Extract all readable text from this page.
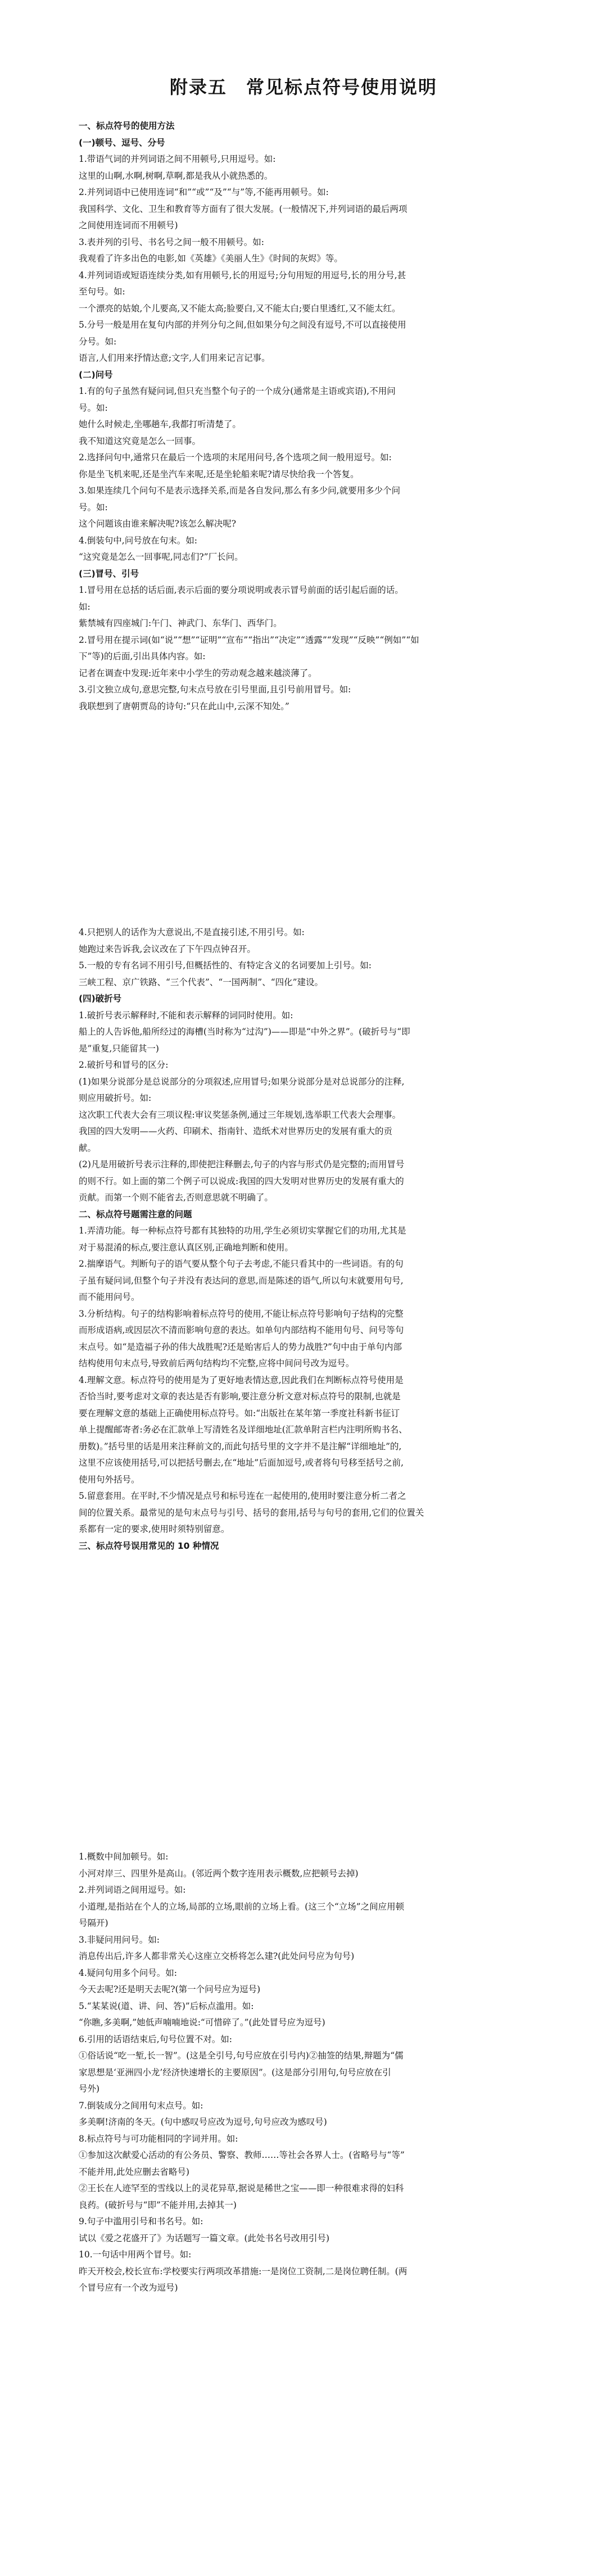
附录五　常见标点符号使用说明

一、标点符号的使用方法

(一)顿号、逗号、分号

1.带语气词的并列词语之间不用顿号,只用逗号。如:

这里的山啊,水啊,树啊,草啊,都是我从小就热悉的。

2.并列词语中已使用连词“和”“或”“及”“与”等,不能再用顿号。如:

我国科学、文化、卫生和教育等方面有了很大发展。(一般情况下,并列词语的最后两项

之间使用连词而不用顿号)

3.表并列的引号、书名号之间一般不用顿号。如:

我观看了许多出色的电影,如《英雄》《美丽人生》《时间的灰烬》等。

4.并列词语或短语连续分类,如有用顿号,长的用逗号;分句用短的用逗号,长的用分号,甚

至句号。如:

一个漂亮的姑娘,个儿要高,又不能太高;脸要白,又不能太白;要白里透红,又不能太红。

5.分号一般是用在复句内部的并列分句之间,但如果分句之间没有逗号,不可以直接使用

分号。如:

语言,人们用来抒情达意;文字,人们用来记言记事。

(二)问号

1.有的句子虽然有疑问词,但只充当整个句子的一个成分(通常是主语或宾语),不用问

号。如:

她什么时候走,坐哪趟车,我都打听清楚了。

我不知道这究竟是怎么一回事。

2.选择问句中,通常只在最后一个选项的末尾用问号,各个选项之间一般用逗号。如:

你是坐飞机来呢,还是坐汽车来呢,还是坐轮船来呢?请尽快给我一个答复。

3.如果连续几个问句不是表示选择关系,而是各自发问,那么有多少问,就要用多少个问

号。如:

这个问题该由谁来解决呢?该怎么解决呢?

4.倒装句中,问号放在句末。如:

“这究竟是怎么一回事呢,同志们?”厂长问。

(三)冒号、引号

1.冒号用在总括的话后面,表示后面的要分项说明或表示冒号前面的话引起后面的话。

如:

紫禁城有四座城门:午门、神武门、东华门、西华门。

2.冒号用在提示词(如“说”“想”“证明”“宣布”“指出”“决定”“透露”“发现”“反映”“例如”“如

下”等)的后面,引出具体内容。如:

记者在调查中发现:近年来中小学生的劳动观念越来越淡薄了。

3.引文独立成句,意思完整,句末点号放在引号里面,且引号前用冒号。如:

我联想到了唐朝贾岛的诗句:“只在此山中,云深不知处。”

4.只把别人的话作为大意说出,不是直接引述,不用引号。如:

她跑过来告诉我,会议改在了下午四点钟召开。

5.一般的专有名词不用引号,但概括性的、有特定含义的名词要加上引号。如:

三峡工程、京广铁路、“三个代表”、“一国两制”、“四化”建设。

(四)破折号

1.破折号表示解释时,不能和表示解释的词同时使用。如:

船上的人告诉他,船所经过的海槽(当时称为“过沟”)——即是“中外之界”。(破折号与“即

是”重复,只能留其一)

2.破折号和冒号的区分:

(1)如果分说部分是总说部分的分项叙述,应用冒号;如果分说部分是对总说部分的注释,

则应用破折号。如:

这次职工代表大会有三项议程:审议奖惩条例,通过三年规划,选举职工代表大会理事。

我国的四大发明——火药、印刷术、指南针、造纸术对世界历史的发展有重大的贡

献。

(2)凡是用破折号表示注释的,即使把注释删去,句子的内容与形式仍是完整的;而用冒号

的则不行。如上面的第二个例子可以说成:我国的四大发明对世界历史的发展有重大的

贡献。而第一个则不能省去,否则意思就不明确了。

二、标点符号题需注意的问题

1.弄清功能。每一种标点符号都有其独特的功用,学生必须切实掌握它们的功用,尤其是

对于易混淆的标点,要注意认真区别,正确地判断和使用。

2.揣摩语气。判断句子的语气要从整个句子去考虑,不能只看其中的一些词语。有的句

子虽有疑问词,但整个句子并没有表达问的意思,而是陈述的语气,所以句末就要用句号,

而不能用问号。

3.分析结构。句子的结构影响着标点符号的使用,不能让标点符号影响句子结构的完整

而形成语病,或因层次不清而影响句意的表达。如单句内部结构不能用句号、问号等句

末点号。如“是造福子孙的伟大战胜呢?还是贻害后人的势力战胜?”句中由于单句内部

结构使用句末点号,导致前后两句结构均不完整,应将中间问号改为逗号。

4.理解文意。标点符号的使用是为了更好地表情达意,因此我们在判断标点符号使用是

否恰当时,要考虑对文章的表达是否有影响,要注意分析文意对标点符号的限制,也就是

要在理解文意的基础上正确使用标点符号。如:“出版社在某年第一季度社科新书征订

单上提醒邮寄者:务必在汇款单上写清姓名及详细地址(汇款单附言栏内注明所购书名、

册数)。”括号里的话是用来注释前文的,而此句括号里的文字并不是注解“详细地址”的,

这里不应该使用括号,可以把括号删去,在“地址”后面加逗号,或者将句号移至括号之前,

使用句外括号。

5.留意套用。在平时,不少情况是点号和标号连在一起使用的,使用时要注意分析二者之

间的位置关系。最常见的是句末点号与引号、括号的套用,括号与句号的套用,它们的位置关

系都有一定的要求,使用时须特别留意。

三、标点符号误用常见的 10 种情况

1.概数中间加顿号。如:

小河对岸三、四里外是高山。(邻近两个数字连用表示概数,应把顿号去掉)

2.并列词语之间用逗号。如:

小道理,是指站在个人的立场,局部的立场,眼前的立场上看。(这三个“立场”之间应用顿

号隔开)

3.非疑问用问号。如:

消息传出后,许多人都非常关心这座立交桥将怎么建?(此处问号应为句号)

4.疑问句用多个问号。如:

今天去呢?还是明天去呢?(第一个问号应为逗号)

5.“某某说(道、讲、问、答)”后标点滥用。如:

“你瞧,多美啊,”她低声喃喃地说:“可惜碎了。”(此处冒号应为逗号)

6.引用的话语结束后,句号位置不对。如:

①俗话说“吃一堑,长一智”。(这是全引号,句号应放在引号内)②抽签的结果,辩题为“儒

家思想是‘亚洲四小龙’经济快速增长的主要原因”。(这是部分引用句,句号应放在引

号外)

7.倒装成分之间用句末点号。如:

多美啊!济南的冬天。(句中感叹号应改为逗号,句号应改为感叹号)

8.标点符号与可功能相同的字词并用。如:

①参加这次献爱心活动的有公务员、警察、教师……等社会各界人士。(省略号与“等”

不能并用,此处应删去省略号)

②王长在人迹罕至的雪线以上的灵花异草,据说是稀世之宝——即一种很难求得的妇科

良药。(破折号与“即”不能并用,去掉其一)

9.句子中滥用引号和书名号。如:

试以《爱之花盛开了》为话题写一篇文章。(此处书名号改用引号)

10.一句话中用两个冒号。如:

昨天开校会,校长宣布:学校要实行两项改革措施:一是岗位工资制,二是岗位聘任制。(两

个冒号应有一个改为逗号)
